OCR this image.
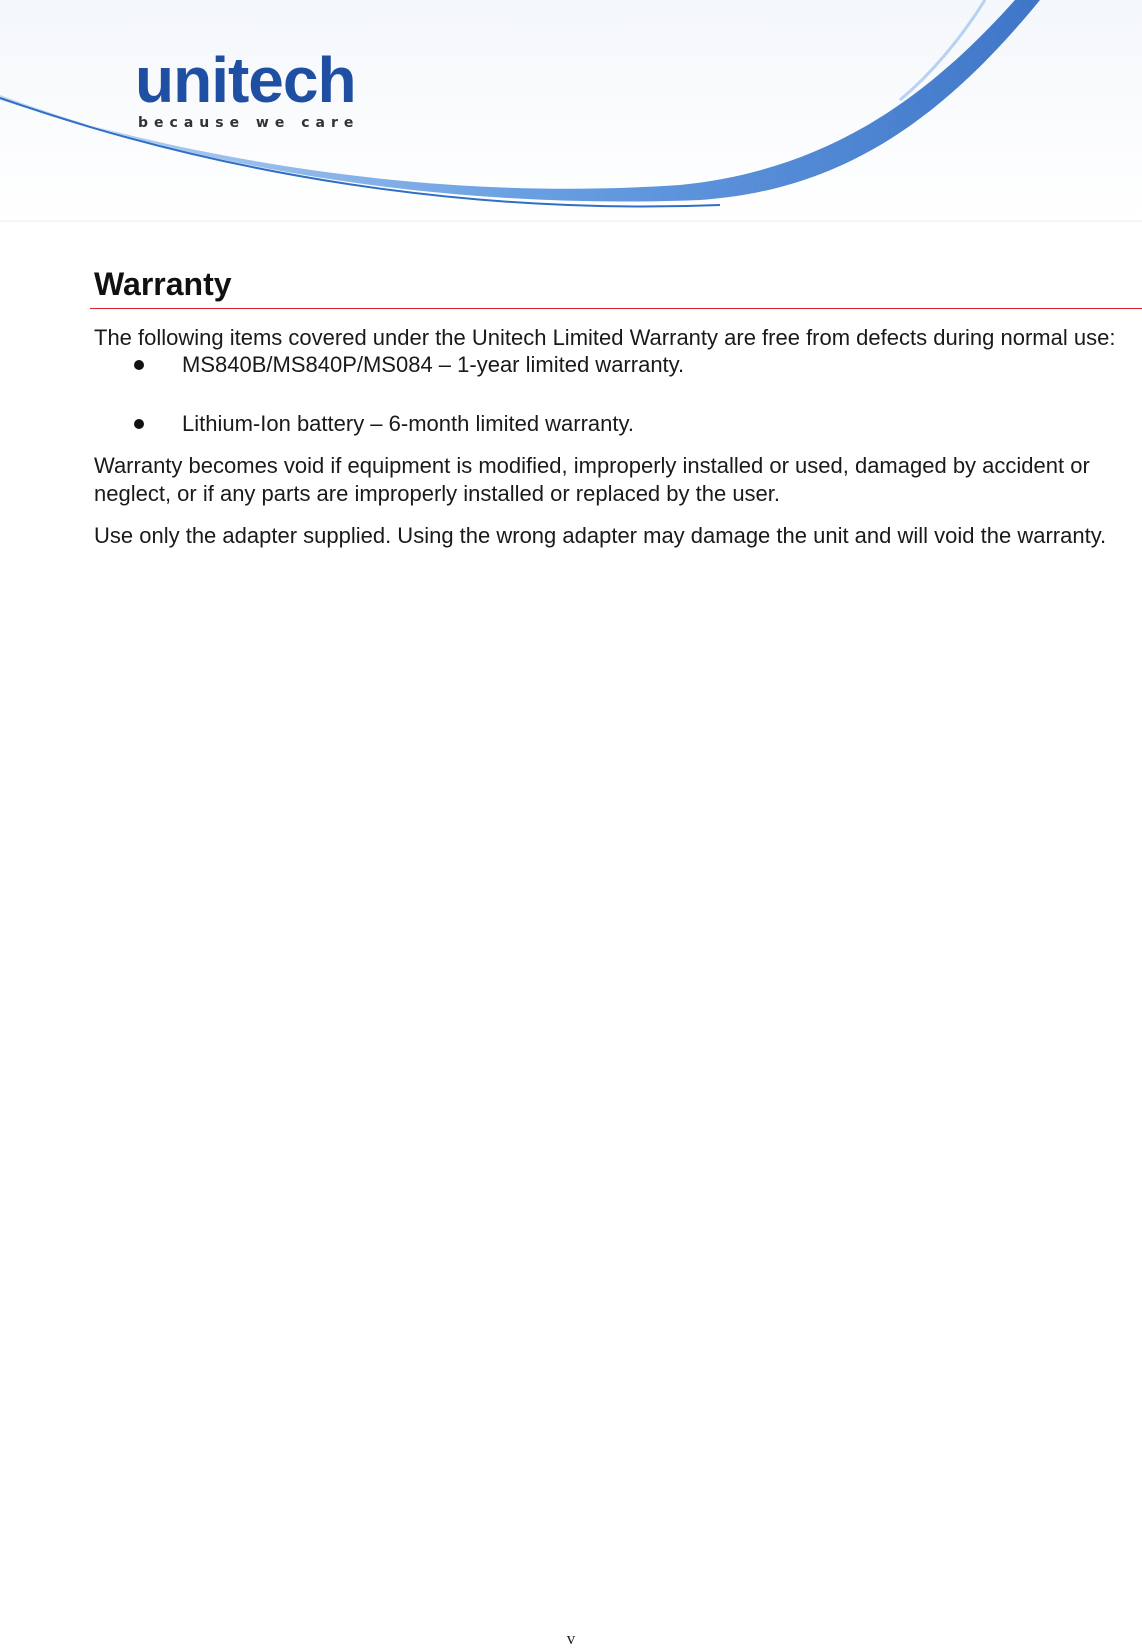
unitech
because we care
Warranty
The following items covered under the Unitech Limited Warranty are free from defects during normal use:
MS840B/MS840P/MS084 – 1-year limited warranty.
Lithium-Ion battery – 6-month limited warranty.
Warranty becomes void if equipment is modified, improperly installed or used, damaged by accident or neglect, or if any parts are improperly installed or replaced by the user.
Use only the adapter supplied. Using the wrong adapter may damage the unit and will void the warranty.
v
